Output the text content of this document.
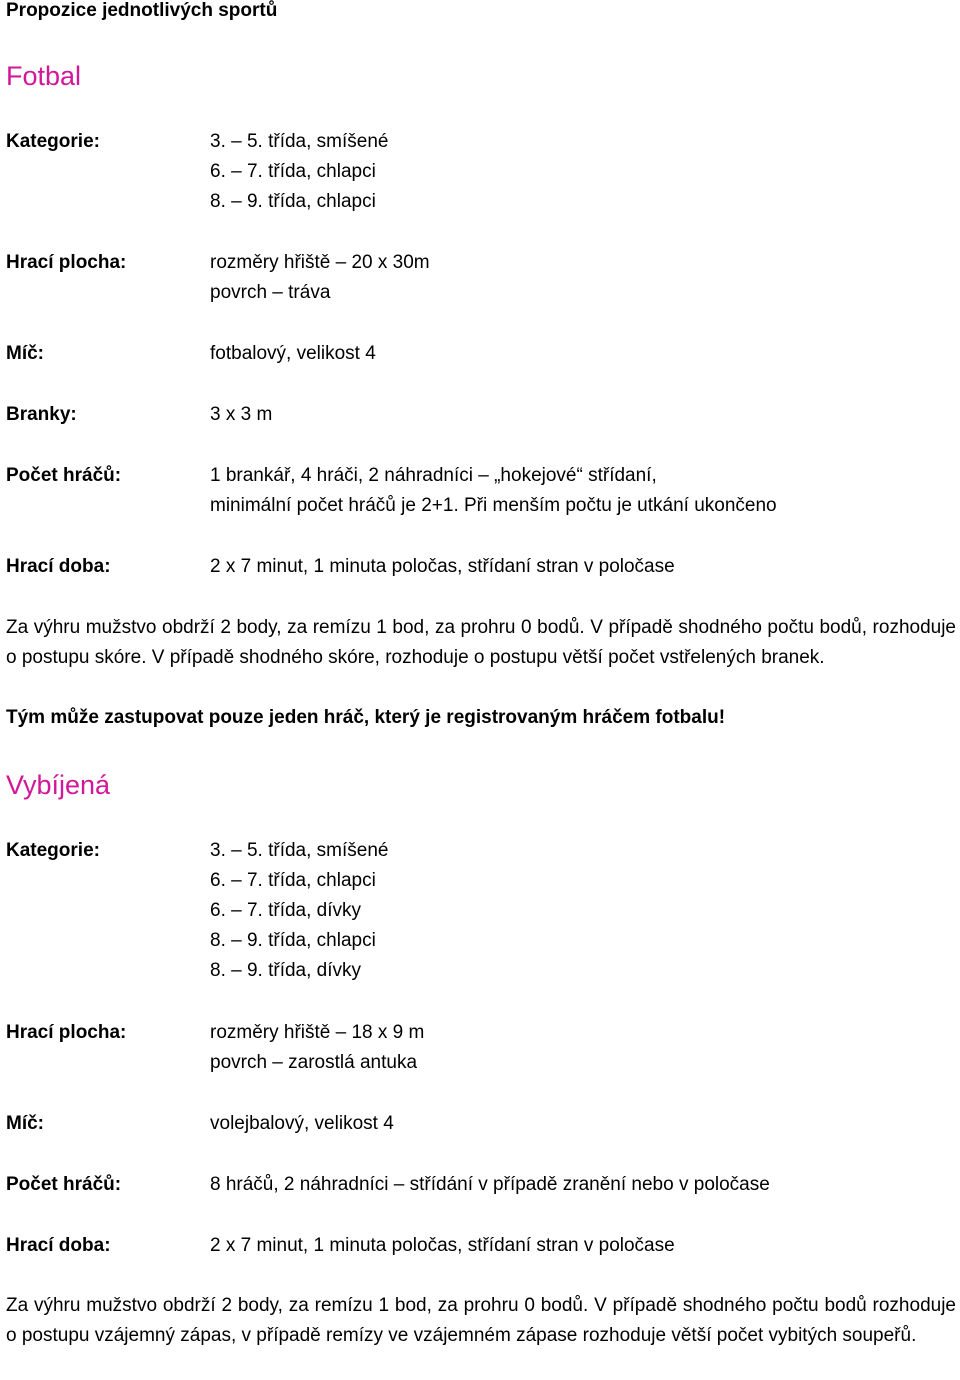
Propozice jednotlivých sportů
Fotbal
Kategorie:	3. – 5. třída, smíšené
6. – 7. třída, chlapci
8. – 9. třída, chlapci
Hrací plocha:	rozměry hřiště – 20 x 30m
povrch – tráva
Míč:	fotbalový, velikost 4
Branky:	3 x 3 m
Počet hráčů:	1 brankář, 4 hráči, 2 náhradníci – „hokejové“ střídaní,
minimální počet hráčů je 2+1. Při menším počtu je utkání ukončeno
Hrací doba:	2 x 7 minut, 1 minuta poločas, střídaní stran v poločase
Za výhru mužstvo obdrží 2 body, za remízu 1 bod, za prohru 0 bodů. V případě shodného počtu bodů, rozhoduje o postupu skóre. V případě shodného skóre, rozhoduje o postupu větší počet vstřelených branek.
Tým může zastupovat pouze jeden hráč, který je registrovaným hráčem fotbalu!
Vybíjená
Kategorie:	3. – 5. třída, smíšené
6. – 7. třída, chlapci
6. – 7. třída, dívky
8. – 9. třída, chlapci
8. – 9. třída, dívky
Hrací plocha:	rozměry hřiště – 18 x 9 m
povrch – zarostlá antuka
Míč:	volejbalový, velikost 4
Počet hráčů:	8 hráčů, 2 náhradníci – střídání v případě zranění nebo v poločase
Hrací doba:	2 x 7 minut, 1 minuta poločas, střídaní stran v poločase
Za výhru mužstvo obdrží 2 body, za remízu 1 bod, za prohru 0 bodů. V případě shodného počtu bodů rozhoduje o postupu vzájemný zápas, v případě remízy ve vzájemném zápase rozhoduje větší počet vybitých soupeřů.
